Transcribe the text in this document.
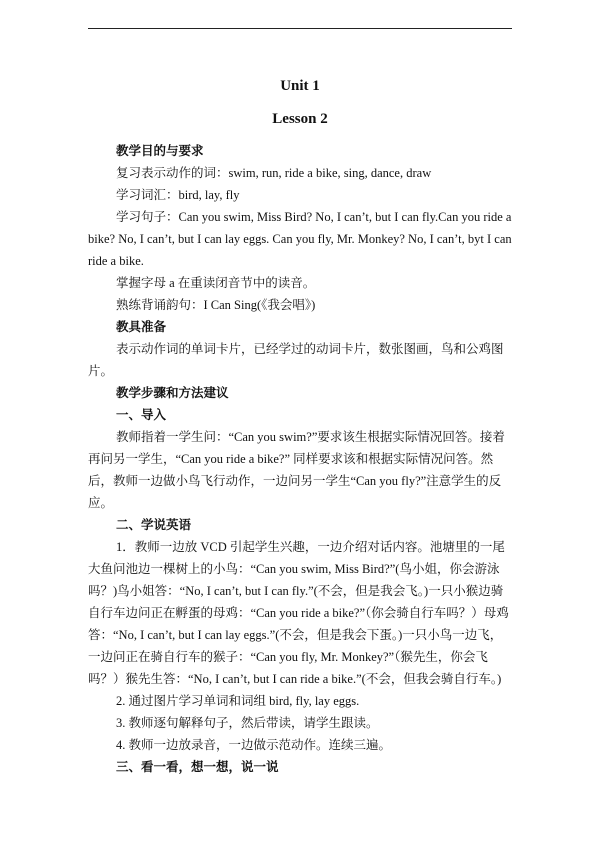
Unit 1
Lesson 2
教学目的与要求
复习表示动作的词：swim, run, ride a bike, sing, dance, draw
学习词汇：bird, lay, fly
学习句子：Can you swim, Miss Bird? No, I can’t, but I can fly.Can you ride a bike? No, I can’t, but I can lay eggs. Can you fly, Mr. Monkey? No, I can’t, byt I can ride a bike.
掌握字母 a 在重读闭音节中的读音。
熟练背诵韵句：I Can Sing(《我会唱》)
教具准备
表示动作词的单词卡片，已经学过的动词卡片，数张图画，鸟和公鸡图片。
教学步骤和方法建议
一、导入
教师指着一学生问：“Can you swim?”要求该生根据实际情况回答。接着再问另一学生，“Can you ride a bike?” 同样要求该和根据实际情况问答。然后，教师一边做小鸟飞行动作，一边问另一学生“Can you fly?”注意学生的反应。
二、学说英语
1．教师一边放 VCD 引起学生兴趣，一边介绍对话内容。池塘里的一尾大鱼问池边一棵树上的小鸟：“Can you swim, Miss Bird?”(鸟小姐，你会游泳吗？)鸟小姐答：“No, I can’t, but I can fly.”(不会，但是我会飞。)一只小猴边骑自行车边问正在孵蛋的母鸡：“Can you ride a bike?”（你会骑自行车吗？）母鸡答：“No, I can’t, but I can lay eggs.”(不会，但是我会下蛋。)一只小鸟一边飞，一边问正在骑自行车的猴子：“Can you fly, Mr. Monkey?”（猴先生，你会飞吗？）猴先生答：“No, I can’t, but I can ride a bike.”(不会，但我会骑自行车。)
2. 通过图片学习单词和词组 bird, fly, lay eggs.
3. 教师逐句解释句子，然后带读，请学生跟读。
4. 教师一边放录音，一边做示范动作。连续三遍。
三、看一看，想一想，说一说
